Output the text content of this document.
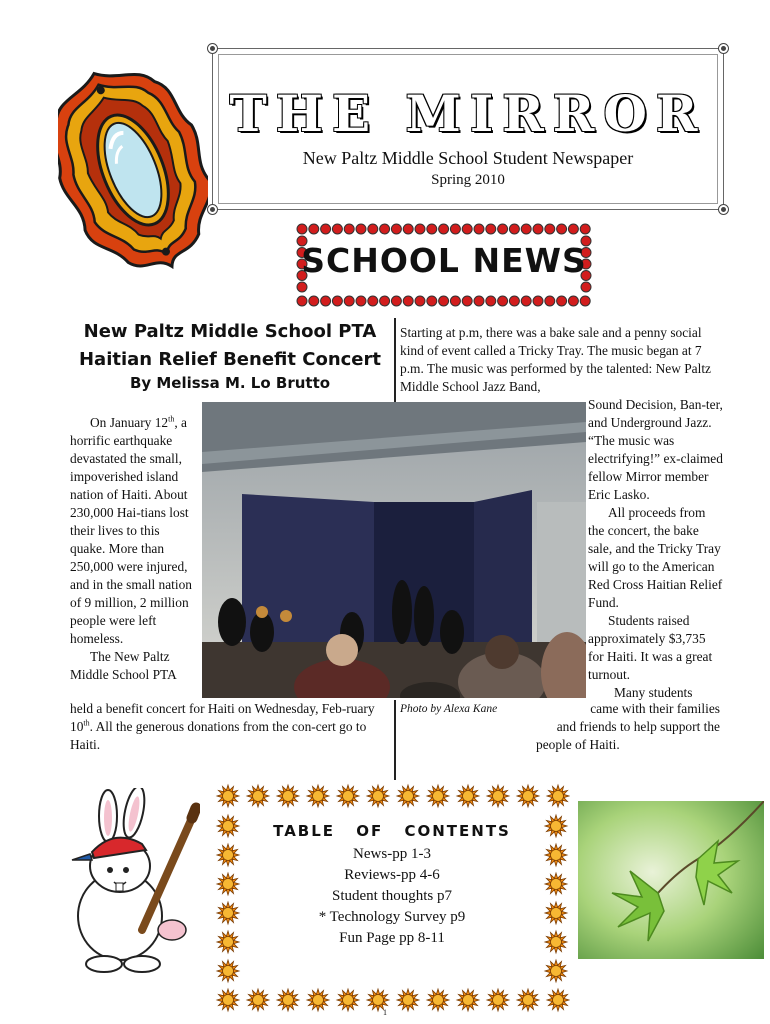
THE MIRROR
New Paltz Middle School Student Newspaper
Spring 2010
SCHOOL NEWS
New Paltz Middle School PTA
Haitian Relief Benefit Concert
By Melissa M. Lo Brutto

On January 12th, a horrific earthquake devastated the small, impoverished island nation of Haiti. About 230,000 Hai-tians lost their lives to this quake. More than 250,000 were injured, and in the small nation of 9 million, 2 million people were left homeless.

The New Paltz Middle School PTA

held a benefit concert for Haiti on Wednesday, Feb-ruary 10th. All the generous donations from the con-cert go to Haiti.

Starting at p.m, there was a bake sale and a penny social kind of event called a Tricky Tray. The music began at 7 p.m. The music was performed by the talented: New Paltz Middle School Jazz Band,

Sound Decision, Ban-ter, and Underground Jazz. “The music was electrifying!” ex-claimed fellow Mirror member Eric Lasko.

All proceeds from the concert, the bake sale, and the Tricky Tray will go to the American Red Cross Haitian Relief Fund.

Students raised approximately $3,735 for Haiti. It was a great turnout.

Many students

came with their families

and friends to help support the

people of Haiti.

Photo by Alexa Kane
TABLE OF CONTENTS
News-pp 1-3
Reviews-pp 4-6
Student thoughts p7
* Technology Survey p9
Fun Page pp 8-11
1
